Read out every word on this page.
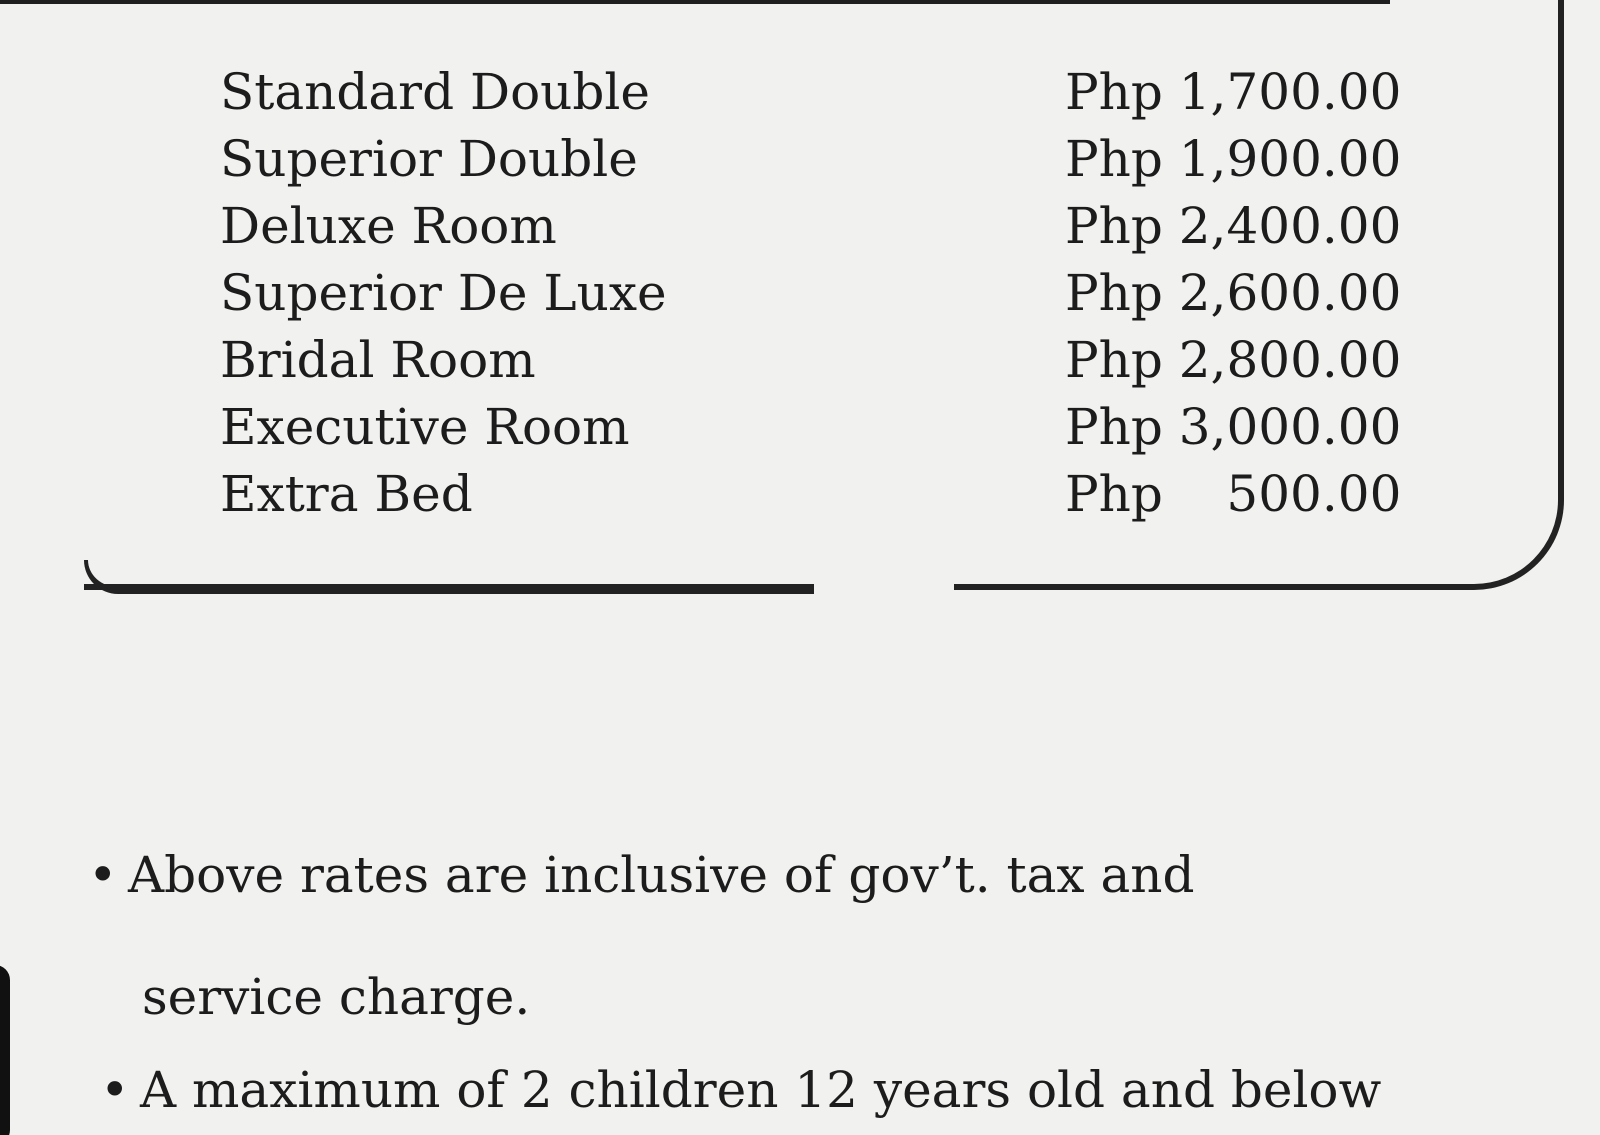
Standard Double	Php 1,700.00
Superior Double	Php 1,900.00
Deluxe Room	Php 2,400.00
Superior De Luxe	Php 2,600.00
Bridal Room	Php 2,800.00
Executive Room	Php 3,000.00
Extra Bed	Php    500.00
• Above rates are inclusive of gov’t. tax and
service charge.
• A maximum of 2 children 12 years old and below
